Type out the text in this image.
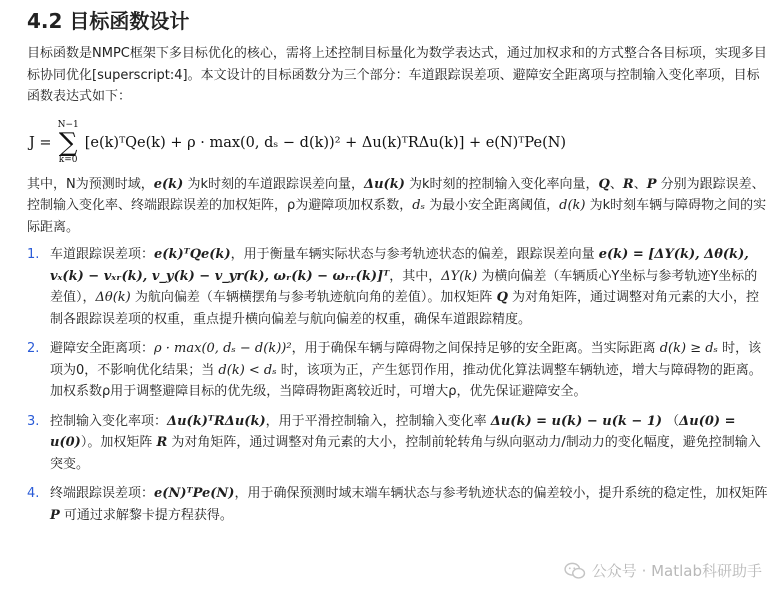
4.2 目标函数设计

目标函数是NMPC框架下多目标优化的核心，需将上述控制目标量化为数学表达式，通过加权求和的方式整合各目标项，实现多目标协同优化[superscript:4]。本文设计的目标函数分为三个部分：车道跟踪误差项、避障安全距离项与控制输入变化率项，目标函数表达式如下：

J =
N−1
∑
k=0
[e(k)ᵀQe(k) + ρ · max(0, dₛ − d(k))² + Δu(k)ᵀRΔu(k)] + e(N)ᵀPe(N)

其中，N为预测时域，e(k) 为k时刻的车道跟踪误差向量，Δu(k) 为k时刻的控制输入变化率向量，Q、R、P 分别为跟踪误差、控制输入变化率、终端跟踪误差的加权矩阵，ρ为避障项加权系数，dₛ 为最小安全距离阈值，d(k) 为k时刻车辆与障碍物之间的实际距离。

1. 车道跟踪误差项：e(k)ᵀQe(k)，用于衡量车辆实际状态与参考轨迹状态的偏差，跟踪误差向量 e(k) = [ΔY(k), Δθ(k), vₓ(k) − vₓᵣ(k), v_y(k) − v_yr(k), ωᵣ(k) − ωᵣᵣ(k)]ᵀ，其中，ΔY(k) 为横向偏差（车辆质心Y坐标与参考轨迹Y坐标的差值），Δθ(k) 为航向偏差（车辆横摆角与参考轨迹航向角的差值）。加权矩阵 Q 为对角矩阵，通过调整对角元素的大小，控制各跟踪误差项的权重，重点提升横向偏差与航向偏差的权重，确保车道跟踪精度。

2. 避障安全距离项：ρ · max(0, dₛ − d(k))²，用于确保车辆与障碍物之间保持足够的安全距离。当实际距离 d(k) ≥ dₛ 时，该项为0，不影响优化结果；当 d(k) < dₛ 时，该项为正，产生惩罚作用，推动优化算法调整车辆轨迹，增大与障碍物的距离。加权系数ρ用于调整避障目标的优先级，当障碍物距离较近时，可增大ρ，优先保证避障安全。

3. 控制输入变化率项：Δu(k)ᵀRΔu(k)，用于平滑控制输入，控制输入变化率 Δu(k) = u(k) − u(k − 1) （Δu(0) = u(0)）。加权矩阵 R 为对角矩阵，通过调整对角元素的大小，控制前轮转角与纵向驱动力/制动力的变化幅度，避免控制输入突变。

4. 终端跟踪误差项：e(N)ᵀPe(N)，用于确保预测时域末端车辆状态与参考轨迹状态的偏差较小，提升系统的稳定性，加权矩阵 P 可通过求解黎卡提方程获得。

公众号 · Matlab科研助手
